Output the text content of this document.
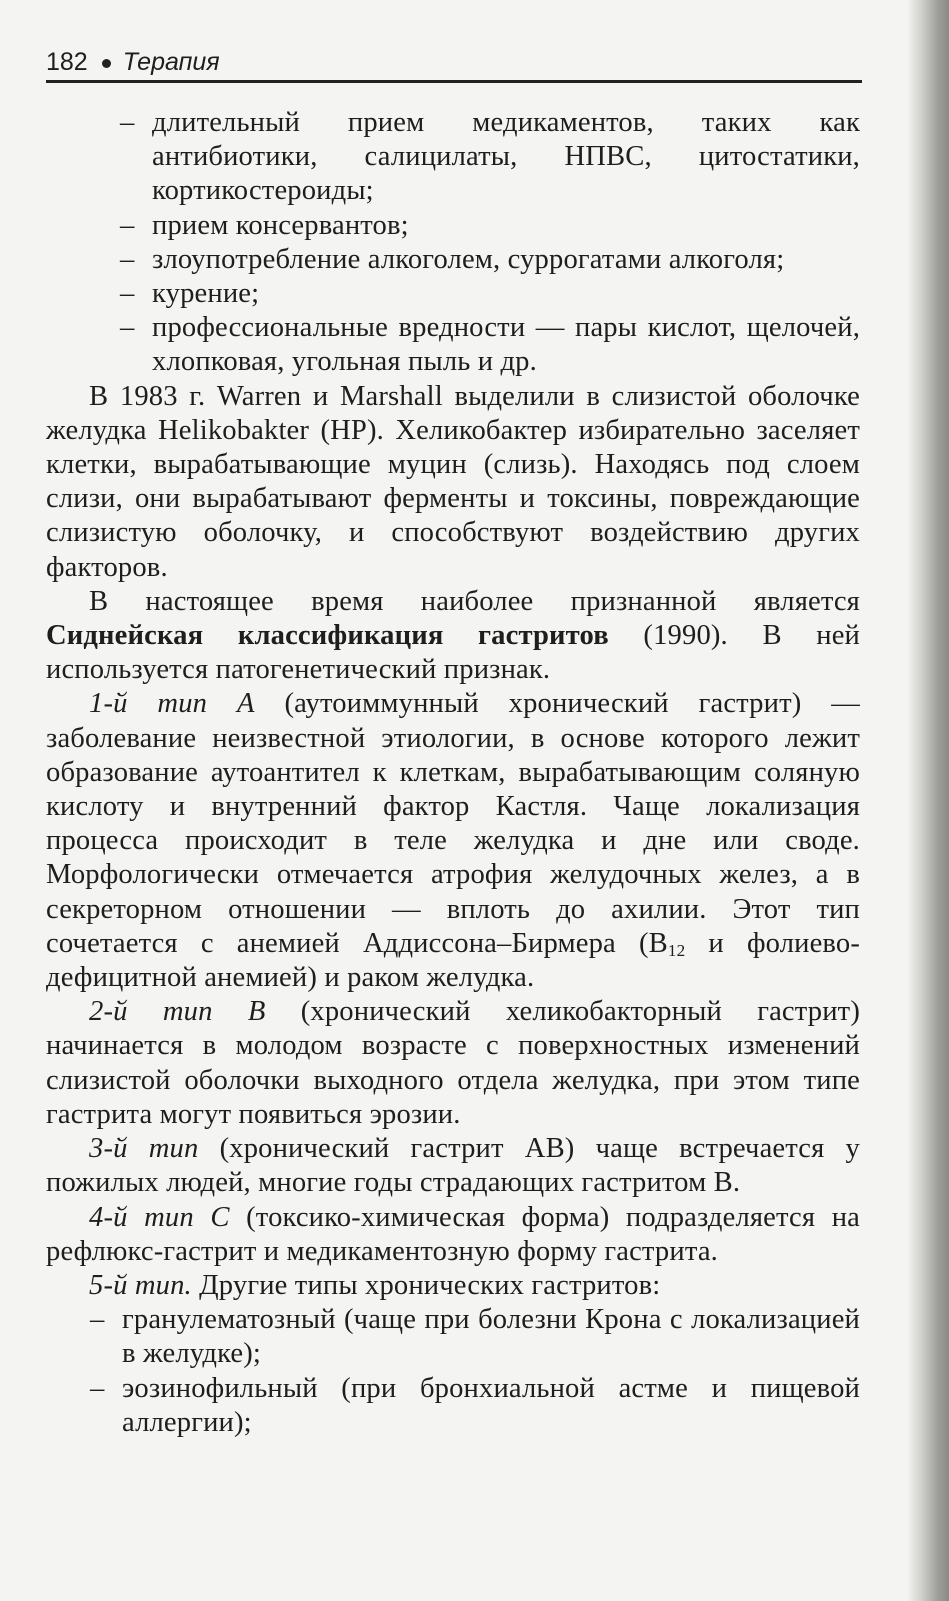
182 Терапия
– длительный прием медикаментов, таких как антибиотики, салицилаты, НПВС, цитостатики, кортикостероиды;
– прием консервантов;
– злоупотребление алкоголем, суррогатами алкоголя;
– курение;
– профессиональные вредности — пары кислот, щелочей, хлопковая, угольная пыль и др.

В 1983 г. Warren и Marshall выделили в слизистой оболочке желудка Helikobakter (HP). Хеликобактер избирательно заселяет клетки, вырабатывающие муцин (слизь). Находясь под слоем слизи, они вырабатывают ферменты и токсины, повреждающие слизистую оболочку, и способствуют воздействию других факторов.

В настоящее время наиболее признанной является Сиднейская классификация гастритов (1990). В ней используется патогенетический признак.

1-й тип А (аутоиммунный хронический гастрит) — заболевание неизвестной этиологии, в основе которого лежит образование аутоантител к клеткам, вырабатывающим соляную кислоту и внутренний фактор Кастля. Чаще локализация процесса происходит в теле желудка и дне или своде. Морфологически отмечается атрофия желудочных желез, а в секреторном отношении — вплоть до ахилии. Этот тип сочетается с анемией Аддиссона–Бирмера ($В_{12}$ и фолиево-дефицитной анемией) и раком желудка.

2-й тип В (хронический хеликобакторный гастрит) начинается в молодом возрасте с поверхностных изменений слизистой оболочки выходного отдела желудка, при этом типе гастрита могут появиться эрозии.

3-й тип (хронический гастрит АВ) чаще встречается у пожилых людей, многие годы страдающих гастритом В.

4-й тип С (токсико-химическая форма) подразделяется на рефлюкс-гастрит и медикаментозную форму гастрита.

5-й тип. Другие типы хронических гастритов:

– гранулематозный (чаще при болезни Крона с локализацией в желудке);
– эозинофильный (при бронхиальной астме и пищевой аллергии);
